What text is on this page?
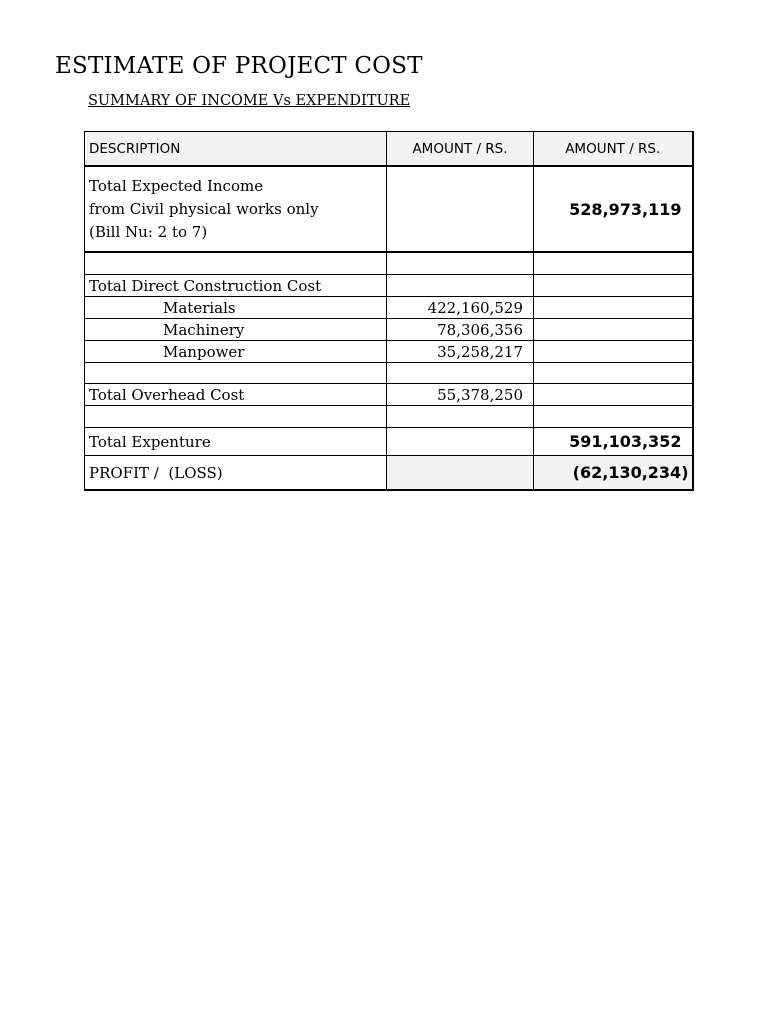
ESTIMATE OF PROJECT COST
SUMMARY OF INCOME Vs EXPENDITURE
DESCRIPTION	AMOUNT / RS.	AMOUNT / RS.

Total Expected Income
from Civil physical works only
(Bill Nu: 2 to 7)		528,973,119

Total Direct Construction Cost		
Materials	422,160,529	
Machinery	78,306,356	
Manpower	35,258,217	

Total Overhead Cost	55,378,250	

Total Expenture		591,103,352
PROFIT /  (LOSS)		(62,130,234)
